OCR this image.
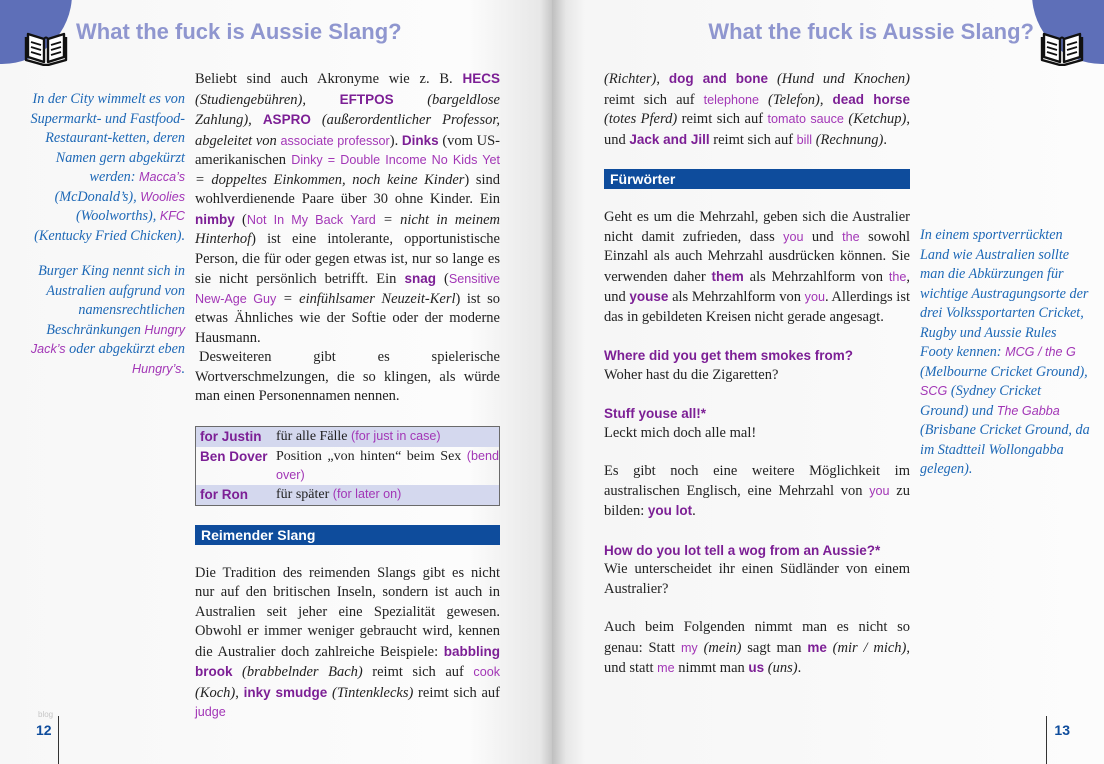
What the fuck is Aussie Slang?

In der City wimmelt es von Supermarkt- und Fastfood-Restaurant-ketten, deren Namen gern abgekürzt werden: Macca’s (McDonald’s), Woolies (Woolworths), KFC (Kentucky Fried Chicken).

Burger King nennt sich in Australien aufgrund von namensrechtlichen Beschränkungen Hungry Jack’s oder abgekürzt eben Hungry’s.

Beliebt sind auch Akronyme wie z. B. HECS (Studiengebühren), EFTPOS (bargeldlose Zahlung), ASPRO (außerordentlicher Professor, abgeleitet von associate professor). Dinks (vom US-amerikanischen Dinky = Double Income No Kids Yet = doppeltes Einkommen, noch keine Kinder) sind wohlverdienende Paare über 30 ohne Kinder. Ein nimby (Not In My Back Yard = nicht in meinem Hinterhof) ist eine intolerante, opportunistische Person, die für oder gegen etwas ist, nur so lange es sie nicht persönlich betrifft. Ein snag (Sensitive New-Age Guy = einfühlsamer Neuzeit-Kerl) ist so etwas Ähnliches wie der Softie oder der moderne Hausmann.

Desweiteren gibt es spielerische Wortverschmelzungen, die so klingen, als würde man einen Personennamen nennen.

for Justin	für alle Fälle (for just in case)
Ben Dover	Position „von hinten“ beim Sex (bend over)
for Ron	für später (for later on)
Reimender Slang

Die Tradition des reimenden Slangs gibt es nicht nur auf den britischen Inseln, sondern ist auch in Australien seit jeher eine Spezialität gewesen. Obwohl er immer weniger gebraucht wird, kennen die Australier doch zahlreiche Beispiele: babbling brook (brabbelnder Bach) reimt sich auf cook (Koch), inky smudge (Tintenklecks) reimt sich auf judge

blog
12
What the fuck is Aussie Slang?

(Richter), dog and bone (Hund und Knochen) reimt sich auf telephone (Telefon), dead horse (totes Pferd) reimt sich auf tomato sauce (Ketchup), und Jack and Jill reimt sich auf bill (Rechnung).

Fürwörter

Geht es um die Mehrzahl, geben sich die Australier nicht damit zufrieden, dass you und the sowohl Einzahl als auch Mehrzahl ausdrücken können. Sie verwenden daher them als Mehrzahlform von the, und youse als Mehrzahlform von you. Allerdings ist das in gebildeten Kreisen nicht gerade angesagt.

Where did you get them smokes from?

Woher hast du die Zigaretten?

Stuff youse all!*

Leckt mich doch alle mal!

Es gibt noch eine weitere Möglichkeit im australischen Englisch, eine Mehrzahl von you zu bilden: you lot.

How do you lot tell a wog from an Aussie?*

Wie unterscheidet ihr einen Südländer von einem Australier?

Auch beim Folgenden nimmt man es nicht so genau: Statt my (mein) sagt man me (mir / mich), und statt me nimmt man us (uns).

In einem sportverrückten Land wie Australien sollte man die Abkürzungen für wichtige Austragungsorte der drei Volkssportarten Cricket, Rugby und Aussie Rules Footy kennen: MCG / the G (Melbourne Cricket Ground), SCG (Sydney Cricket Ground) und The Gabba (Brisbane Cricket Ground, da im Stadtteil Wollongabba gelegen).

13
